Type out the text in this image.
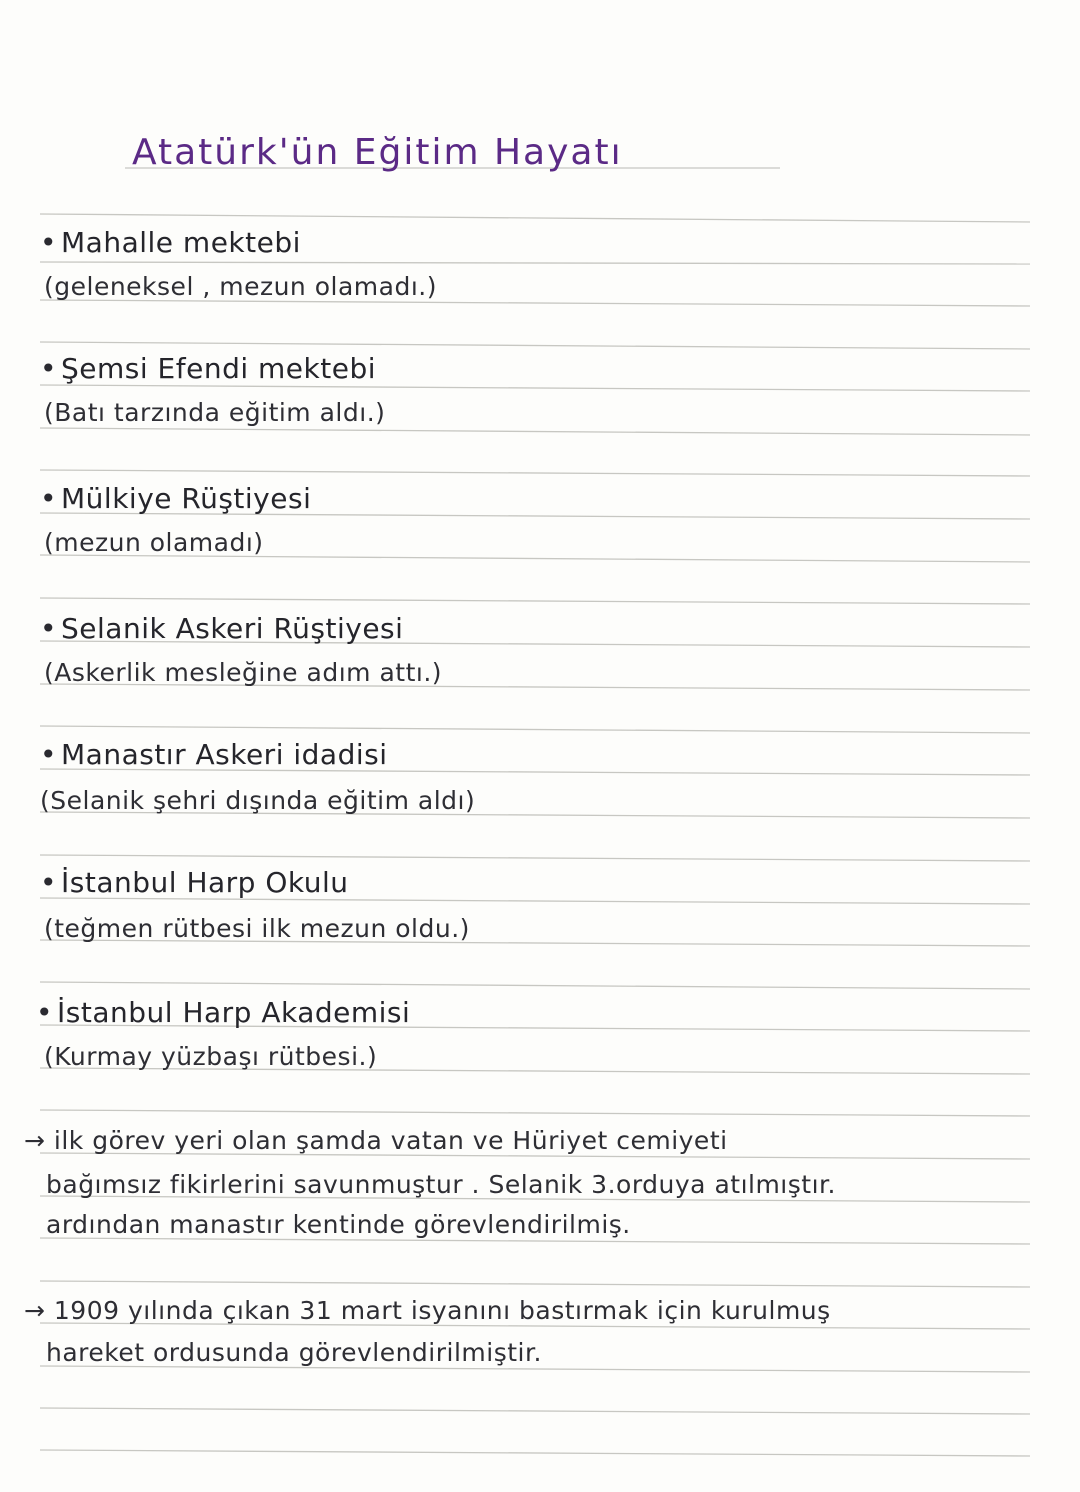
Atatürk'ün Eğitim Hayatı
• Mahalle mektebi
(geleneksel , mezun olamadı.)
• Şemsi Efendi mektebi
(Batı tarzında eğitim aldı.)
• Mülkiye Rüştiyesi
(mezun olamadı)
• Selanik Askeri Rüştiyesi
(Askerlik mesleğine adım attı.)
• Manastır Askeri idadisi
(Selanik şehri dışında eğitim aldı)
• İstanbul Harp Okulu
(teğmen rütbesi ilk mezun oldu.)
• İstanbul Harp Akademisi
(Kurmay yüzbaşı rütbesi.)
→ ilk görev yeri olan şamda vatan ve Hüriyet cemiyeti
bağımsız fikirlerini savunmuştur . Selanik 3.orduya atılmıştır.
ardından manastır kentinde görevlendirilmiş.
→ 1909 yılında çıkan 31 mart isyanını bastırmak için kurulmuş
hareket ordusunda görevlendirilmiştir.
